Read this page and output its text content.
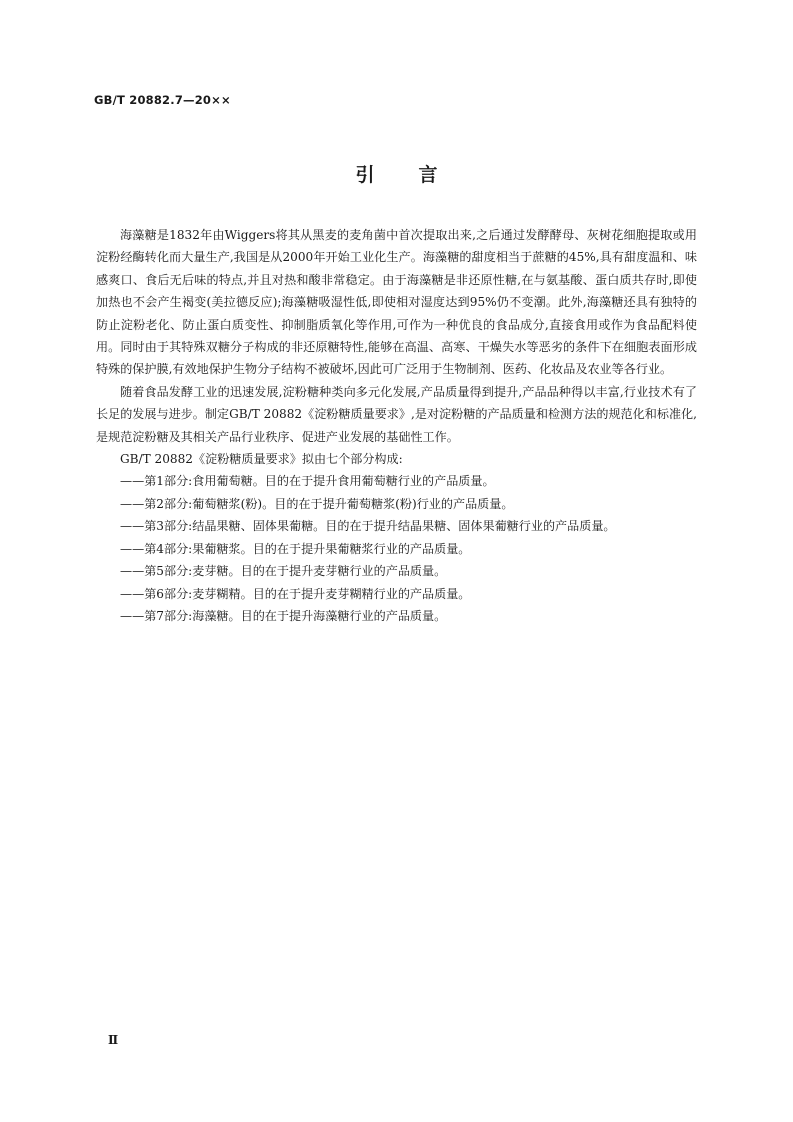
GB/T 20882.7—20××
引言

海藻糖是1832年由Wiggers将其从黑麦的麦角菌中首次提取出来,之后通过发酵酵母、灰树花细胞提取或用淀粉经酶转化而大量生产,我国是从2000年开始工业化生产。海藻糖的甜度相当于蔗糖的45%,具有甜度温和、味感爽口、食后无后味的特点,并且对热和酸非常稳定。由于海藻糖是非还原性糖,在与氨基酸、蛋白质共存时,即使加热也不会产生褐变(美拉德反应);海藻糖吸湿性低,即使相对湿度达到95%仍不变潮。此外,海藻糖还具有独特的防止淀粉老化、防止蛋白质变性、抑制脂质氧化等作用,可作为一种优良的食品成分,直接食用或作为食品配料使用。同时由于其特殊双糖分子构成的非还原糖特性,能够在高温、高寒、干燥失水等恶劣的条件下在细胞表面形成特殊的保护膜,有效地保护生物分子结构不被破坏,因此可广泛用于生物制剂、医药、化妆品及农业等各行业。

随着食品发酵工业的迅速发展,淀粉糖种类向多元化发展,产品质量得到提升,产品品种得以丰富,行业技术有了长足的发展与进步。制定GB/T 20882《淀粉糖质量要求》,是对淀粉糖的产品质量和检测方法的规范化和标准化,是规范淀粉糖及其相关产品行业秩序、促进产业发展的基础性工作。

GB/T 20882《淀粉糖质量要求》拟由七个部分构成:

——第1部分:食用葡萄糖。目的在于提升食用葡萄糖行业的产品质量。
——第2部分:葡萄糖浆(粉)。目的在于提升葡萄糖浆(粉)行业的产品质量。
——第3部分:结晶果糖、固体果葡糖。目的在于提升结晶果糖、固体果葡糖行业的产品质量。
——第4部分:果葡糖浆。目的在于提升果葡糖浆行业的产品质量。
——第5部分:麦芽糖。目的在于提升麦芽糖行业的产品质量。
——第6部分:麦芽糊精。目的在于提升麦芽糊精行业的产品质量。
——第7部分:海藻糖。目的在于提升海藻糖行业的产品质量。
Ⅱ
